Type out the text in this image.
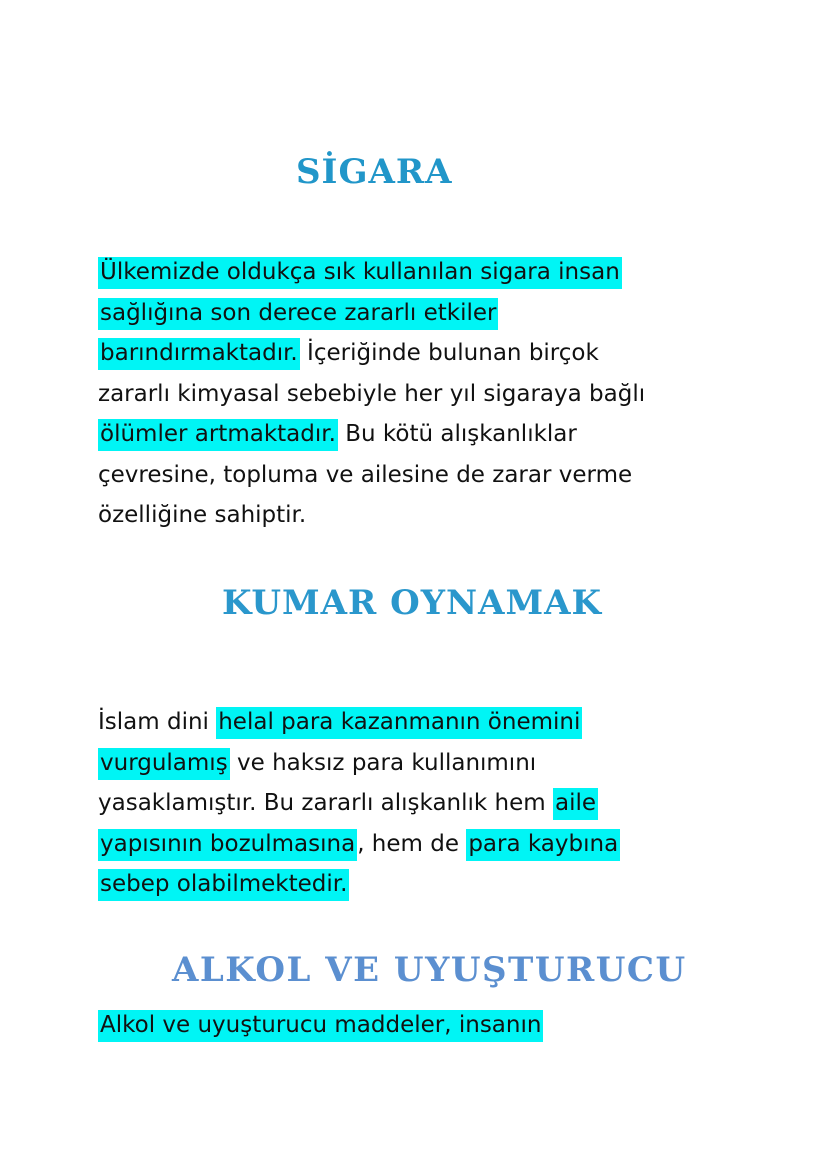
SİGARA
Ülkemizde oldukça sık kullanılan sigara insan
sağlığına son derece zararlı etkiler
barındırmaktadır. İçeriğinde bulunan birçok
zararlı kimyasal sebebiyle her yıl sigaraya bağlı
ölümler artmaktadır. Bu kötü alışkanlıklar
çevresine, topluma ve ailesine de zarar verme
özelliğine sahiptir.
KUMAR OYNAMAK
İslam dini helal para kazanmanın önemini
vurgulamış ve haksız para kullanımını
yasaklamıştır. Bu zararlı alışkanlık hem aile
yapısının bozulmasına, hem de para kaybına
sebep olabilmektedir.
ALKOL VE UYUŞTURUCU
Alkol ve uyuşturucu maddeler, insanın
